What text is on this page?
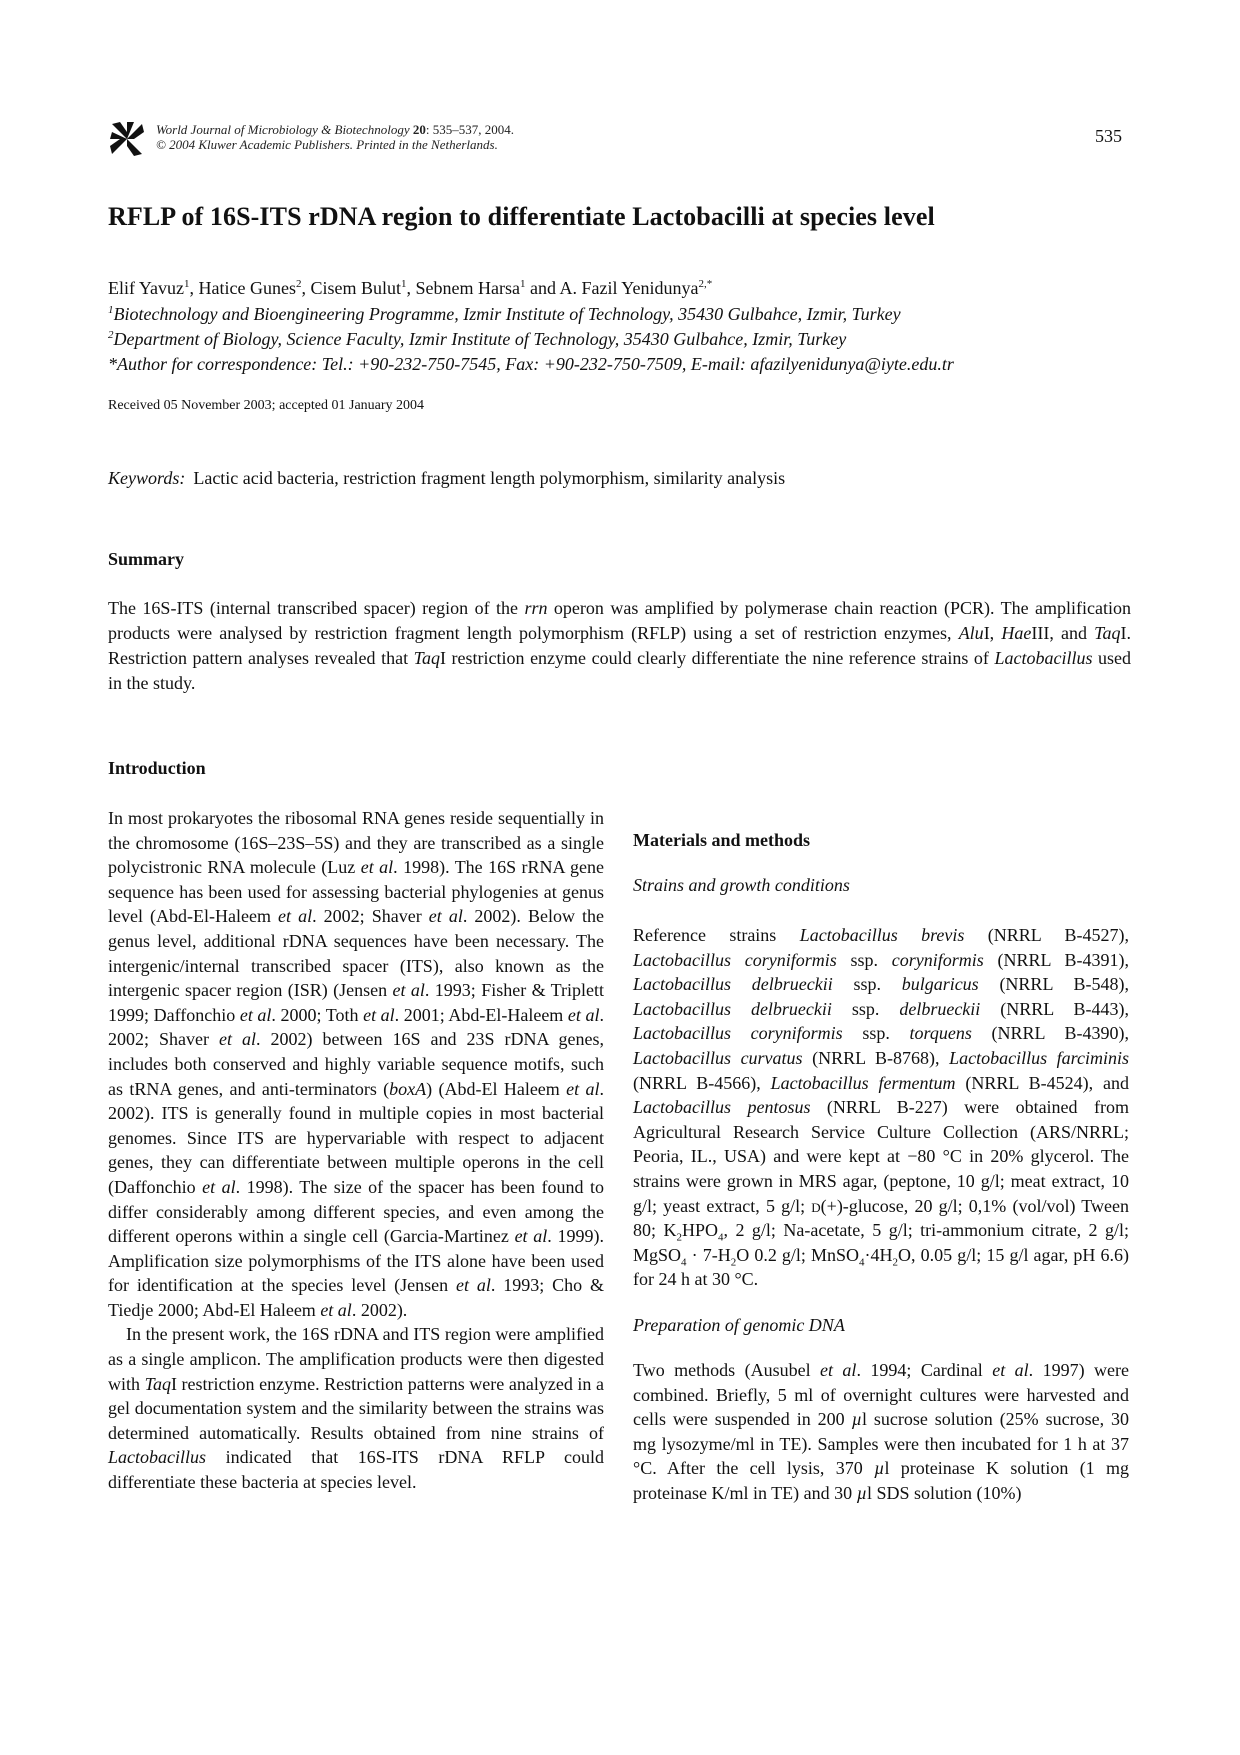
World Journal of Microbiology & Biotechnology 20: 535–537, 2004.
© 2004 Kluwer Academic Publishers. Printed in the Netherlands.	535
RFLP of 16S-ITS rDNA region to differentiate Lactobacilli at species level
Elif Yavuz$^1$, Hatice Gunes$^2$, Cisem Bulut$^1$, Sebnem Harsa$^1$ and A. Fazil Yenidunya$^{2,*}$
$^1$Biotechnology and Bioengineering Programme, Izmir Institute of Technology, 35430 Gulbahce, Izmir, Turkey
$^2$Department of Biology, Science Faculty, Izmir Institute of Technology, 35430 Gulbahce, Izmir, Turkey
*Author for correspondence: Tel.: +90-232-750-7545, Fax: +90-232-750-7509, E-mail: afazilyenidunya@iyte.edu.tr
Received 05 November 2003; accepted 01 January 2004
Keywords: Lactic acid bacteria, restriction fragment length polymorphism, similarity analysis
Summary
The 16S-ITS (internal transcribed spacer) region of the rrn operon was amplified by polymerase chain reaction (PCR). The amplification products were analysed by restriction fragment length polymorphism (RFLP) using a set of restriction enzymes, AluI, HaeIII, and TaqI. Restriction pattern analyses revealed that TaqI restriction enzyme could clearly differentiate the nine reference strains of Lactobacillus used in the study.
Introduction

In most prokaryotes the ribosomal RNA genes reside sequentially in the chromosome (16S–23S–5S) and they are transcribed as a single polycistronic RNA molecule (Luz et al. 1998). The 16S rRNA gene sequence has been used for assessing bacterial phylogenies at genus level (Abd-El-Haleem et al. 2002; Shaver et al. 2002). Below the genus level, additional rDNA sequences have been necessary. The intergenic/internal transcribed spacer (ITS), also known as the intergenic spacer region (ISR) (Jensen et al. 1993; Fisher & Triplett 1999; Daffonchio et al. 2000; Toth et al. 2001; Abd-El-Haleem et al. 2002; Shaver et al. 2002) between 16S and 23S rDNA genes, includes both conserved and highly variable sequence motifs, such as tRNA genes, and anti-terminators (boxA) (Abd-El Haleem et al. 2002). ITS is generally found in multiple copies in most bacterial genomes. Since ITS are hypervariable with respect to adjacent genes, they can differentiate between multiple operons in the cell (Daffonchio et al. 1998). The size of the spacer has been found to differ considerably among different species, and even among the different operons within a single cell (Garcia-Martinez et al. 1999). Amplification size polymorphisms of the ITS alone have been used for identification at the species level (Jensen et al. 1993; Cho & Tiedje 2000; Abd-El Haleem et al. 2002).

In the present work, the 16S rDNA and ITS region were amplified as a single amplicon. The amplification products were then digested with TaqI restriction enzyme. Restriction patterns were analyzed in a gel documentation system and the similarity between the strains was determined automatically. Results obtained from nine strains of Lactobacillus indicated that 16S-ITS rDNA RFLP could differentiate these bacteria at species level.

Materials and methods

Strains and growth conditions

Reference strains Lactobacillus brevis (NRRL B-4527), Lactobacillus coryniformis ssp. coryniformis (NRRL B-4391), Lactobacillus delbrueckii ssp. bulgaricus (NRRL B-548), Lactobacillus delbrueckii ssp. delbrueckii (NRRL B-443), Lactobacillus coryniformis ssp. torquens (NRRL B-4390), Lactobacillus curvatus (NRRL B-8768), Lactobacillus farciminis (NRRL B-4566), Lactobacillus fermentum (NRRL B-4524), and Lactobacillus pentosus (NRRL B-227) were obtained from Agricultural Research Service Culture Collection (ARS/NRRL; Peoria, IL., USA) and were kept at −80 °C in 20% glycerol. The strains were grown in MRS agar, (peptone, 10 g/l; meat extract, 10 g/l; yeast extract, 5 g/l; d(+)-glucose, 20 g/l; 0,1% (vol/vol) Tween 80; $K_2HPO_4$, 2 g/l; Na-acetate, 5 g/l; tri-ammonium citrate, 2 g/l; MgSO$_4$ · $7-H_2O$ 0.2 g/l; $MnSO_4\cdot 4H_2O$, 0.05 g/l; 15 g/l agar, pH 6.6) for 24 h at 30 °C.

Preparation of genomic DNA

Two methods (Ausubel et al. 1994; Cardinal et al. 1997) were combined. Briefly, 5 ml of overnight cultures were harvested and cells were suspended in 200 µl sucrose solution (25% sucrose, 30 mg lysozyme/ml in TE). Samples were then incubated for 1 h at 37 °C. After the cell lysis, 370 µl proteinase K solution (1 mg proteinase K/ml in TE) and 30 µl SDS solution (10%)
